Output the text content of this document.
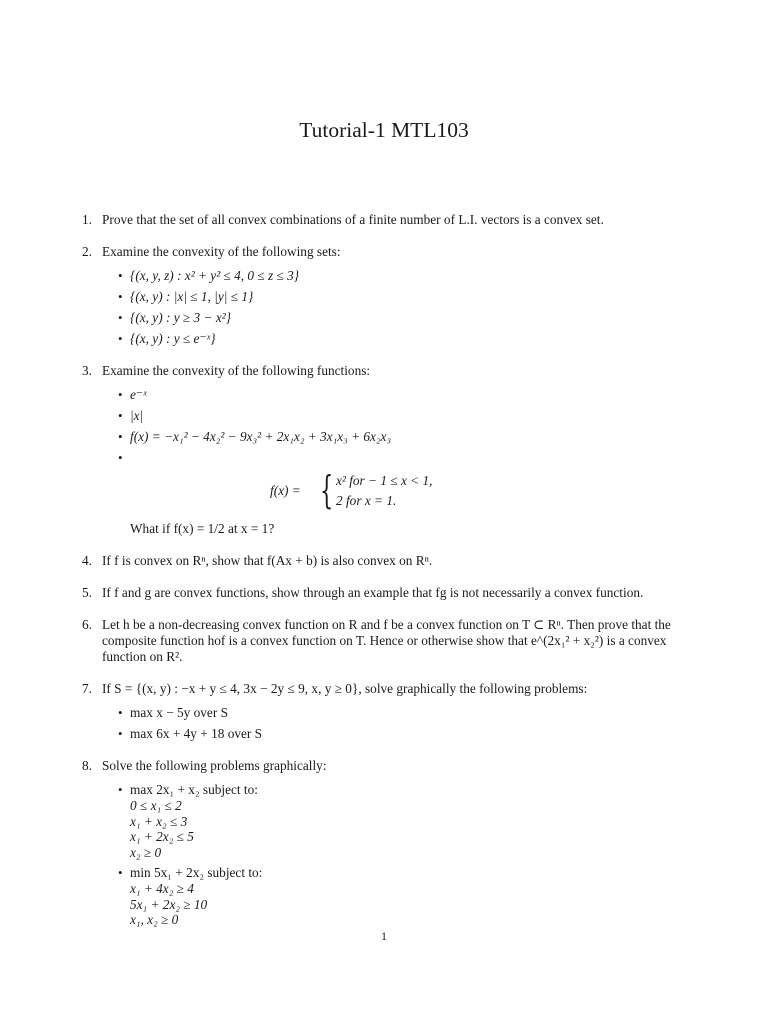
Tutorial-1 MTL103
1. Prove that the set of all convex combinations of a finite number of L.I. vectors is a convex set.
2. Examine the convexity of the following sets:
• {(x, y, z) : x² + y² ≤ 4, 0 ≤ z ≤ 3}
• {(x, y) : |x| ≤ 1, |y| ≤ 1}
• {(x, y) : y ≥ 3 − x²}
• {(x, y) : y ≤ e⁻ˣ}
3. Examine the convexity of the following functions:
• e⁻ˣ
• |x|
• f(x) = −x₁² − 4x₂² − 9x₃² + 2x₁x₂ + 3x₁x₃ + 6x₂x₃
•
f(x) = { x² for − 1 ≤ x < 1,
2 for x = 1.
What if f(x) = 1/2 at x = 1?
4. If f is convex on Rⁿ, show that f(Ax + b) is also convex on Rⁿ.
5. If f and g are convex functions, show through an example that fg is not necessarily a convex function.
6. Let h be a non-decreasing convex function on R and f be a convex function on T ⊂ Rⁿ. Then prove that the composite function hof is a convex function on T. Hence or otherwise show that e^(2x₁² + x₂²) is a convex function on R².
7. If S = {(x, y) : −x + y ≤ 4, 3x − 2y ≤ 9, x, y ≥ 0}, solve graphically the following problems:
• max x − 5y over S
• max 6x + 4y + 18 over S
8. Solve the following problems graphically:
• max 2x₁ + x₂ subject to:
0 ≤ x₁ ≤ 2
x₁ + x₂ ≤ 3
x₁ + 2x₂ ≤ 5
x₂ ≥ 0
• min 5x₁ + 2x₂ subject to:
x₁ + 4x₂ ≥ 4
5x₁ + 2x₂ ≥ 10
x₁, x₂ ≥ 0
1
